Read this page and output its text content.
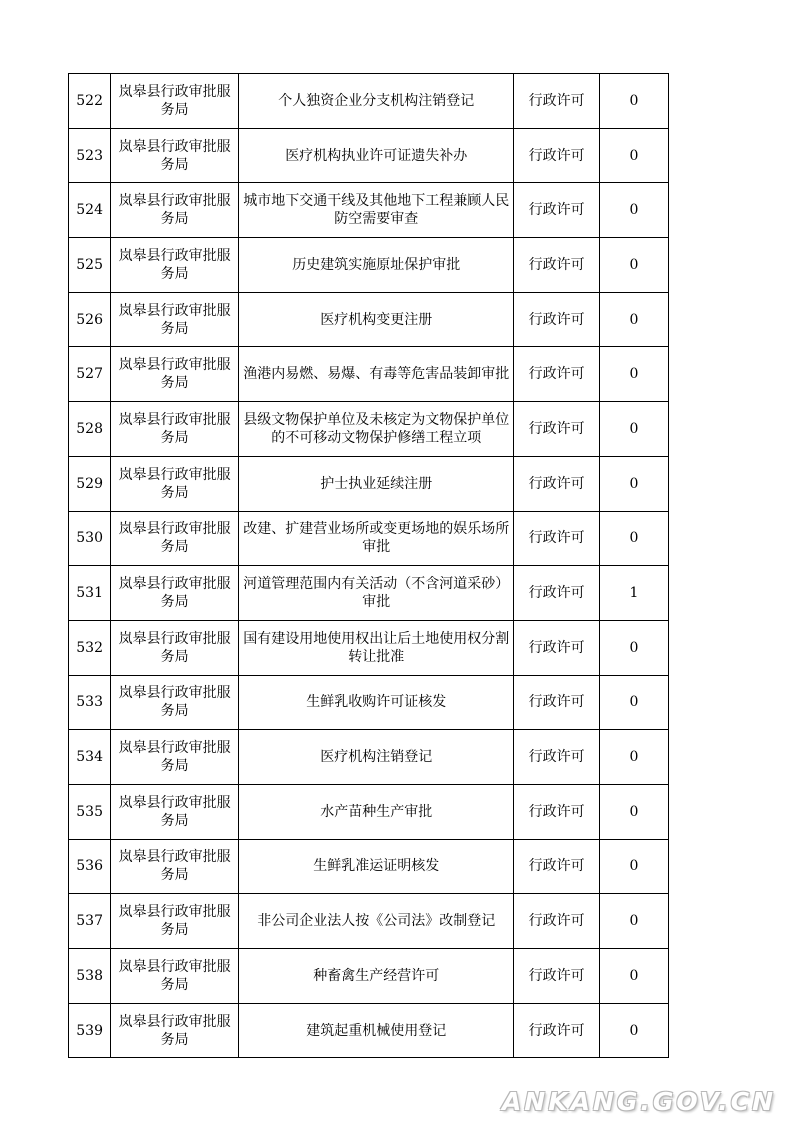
522	岚皋县行政审批服务局	个人独资企业分支机构注销登记	行政许可	0
523	岚皋县行政审批服务局	医疗机构执业许可证遗失补办	行政许可	0
524	岚皋县行政审批服务局	城市地下交通干线及其他地下工程兼顾人民防空需要审查	行政许可	0
525	岚皋县行政审批服务局	历史建筑实施原址保护审批	行政许可	0
526	岚皋县行政审批服务局	医疗机构变更注册	行政许可	0
527	岚皋县行政审批服务局	渔港内易燃、易爆、有毒等危害品装卸审批	行政许可	0
528	岚皋县行政审批服务局	县级文物保护单位及未核定为文物保护单位的不可移动文物保护修缮工程立项	行政许可	0
529	岚皋县行政审批服务局	护士执业延续注册	行政许可	0
530	岚皋县行政审批服务局	改建、扩建营业场所或变更场地的娱乐场所审批	行政许可	0
531	岚皋县行政审批服务局	河道管理范围内有关活动（不含河道采砂）审批	行政许可	1
532	岚皋县行政审批服务局	国有建设用地使用权出让后土地使用权分割转让批准	行政许可	0
533	岚皋县行政审批服务局	生鲜乳收购许可证核发	行政许可	0
534	岚皋县行政审批服务局	医疗机构注销登记	行政许可	0
535	岚皋县行政审批服务局	水产苗种生产审批	行政许可	0
536	岚皋县行政审批服务局	生鲜乳准运证明核发	行政许可	0
537	岚皋县行政审批服务局	非公司企业法人按《公司法》改制登记	行政许可	0
538	岚皋县行政审批服务局	种畜禽生产经营许可	行政许可	0
539	岚皋县行政审批服务局	建筑起重机械使用登记	行政许可	0
ANKANG.GOV.CN
